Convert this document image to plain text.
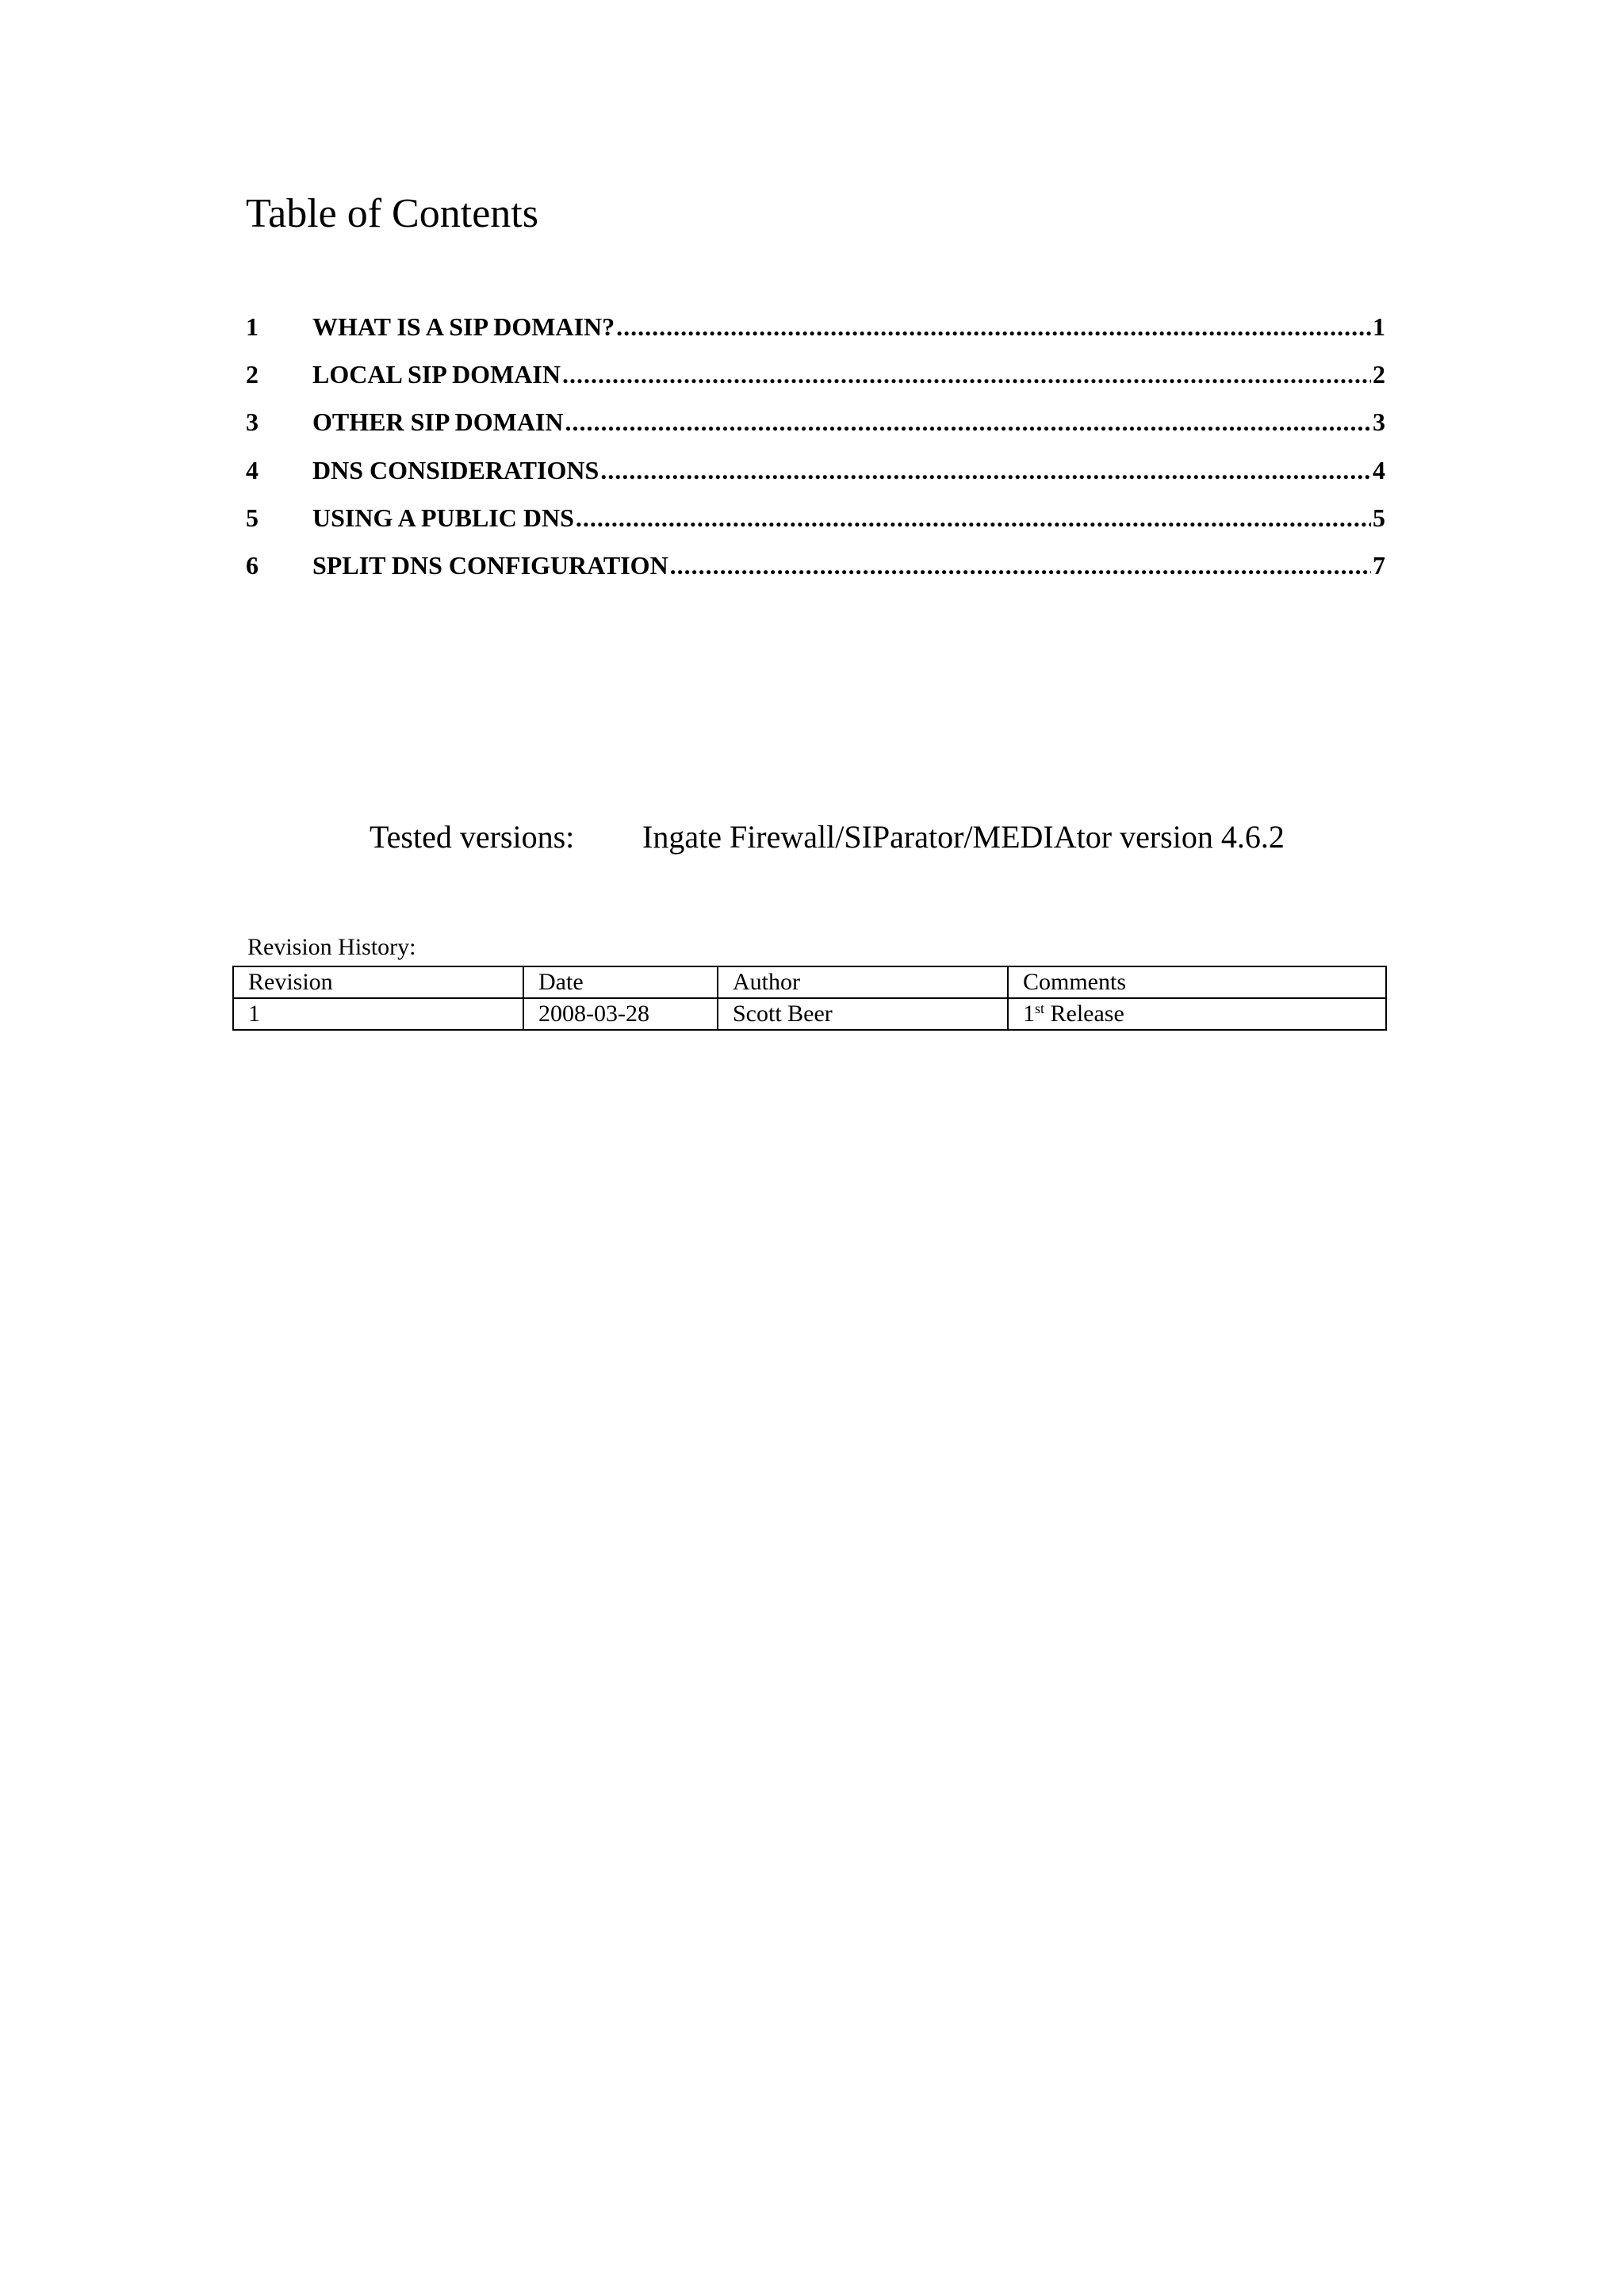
Table of Contents
1	WHAT IS A SIP DOMAIN? .....	1
2	LOCAL SIP DOMAIN .....	2
3	OTHER SIP DOMAIN .....	3
4	DNS CONSIDERATIONS .....	4
5	USING A PUBLIC DNS .....	5
6	SPLIT DNS CONFIGURATION .....	7
Tested versions: Ingate Firewall/SIParator/MEDIAtor version 4.6.2
Revision History:
Revision	Date	Author	Comments
1	2008-03-28	Scott Beer	1st Release
